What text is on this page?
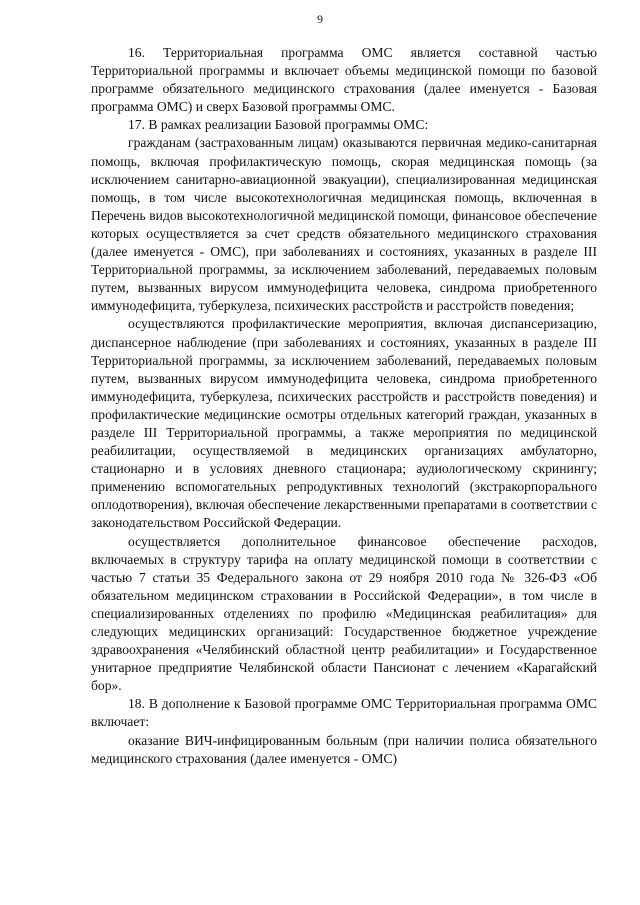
9

16. Территориальная программа ОМС является составной частью Территориальной программы и включает объемы медицинской помощи по базовой программе обязательного медицинского страхования (далее именуется - Базовая программа ОМС) и сверх Базовой программы ОМС.

17. В рамках реализации Базовой программы ОМС:

гражданам (застрахованным лицам) оказываются первичная медико-санитарная помощь, включая профилактическую помощь, скорая медицинская помощь (за исключением санитарно-авиационной эвакуации), специализированная медицинская помощь, в том числе высокотехнологичная медицинская помощь, включенная в Перечень видов высокотехнологичной медицинской помощи, финансовое обеспечение которых осуществляется за счет средств обязательного медицинского страхования (далее именуется - ОМС), при заболеваниях и состояниях, указанных в разделе III Территориальной программы, за исключением заболеваний, передаваемых половым путем, вызванных вирусом иммунодефицита человека, синдрома приобретенного иммунодефицита, туберкулеза, психических расстройств и расстройств поведения;

осуществляются профилактические мероприятия, включая диспансеризацию, диспансерное наблюдение (при заболеваниях и состояниях, указанных в разделе III Территориальной программы, за исключением заболеваний, передаваемых половым путем, вызванных вирусом иммунодефицита человека, синдрома приобретенного иммунодефицита, туберкулеза, психических расстройств и расстройств поведения) и профилактические медицинские осмотры отдельных категорий граждан, указанных в разделе III Территориальной программы, а также мероприятия по медицинской реабилитации, осуществляемой в медицинских организациях амбулаторно, стационарно и в условиях дневного стационара; аудиологическому скринингу; применению вспомогательных репродуктивных технологий (экстракорпорального оплодотворения), включая обеспечение лекарственными препаратами в соответствии с законодательством Российской Федерации.

осуществляется дополнительное финансовое обеспечение расходов, включаемых в структуру тарифа на оплату медицинской помощи в соответствии с частью 7 статьи 35 Федерального закона от 29 ноября 2010 года № 326-ФЗ «Об обязательном медицинском страховании в Российской Федерации», в том числе в специализированных отделениях по профилю «Медицинская реабилитация» для следующих медицинских организаций: Государственное бюджетное учреждение здравоохранения «Челябинский областной центр реабилитации» и Государственное унитарное предприятие Челябинской области Пансионат с лечением «Карагайский бор».

18. В дополнение к Базовой программе ОМС Территориальная программа ОМС включает:

оказание ВИЧ-инфицированным больным (при наличии полиса обязательного медицинского страхования (далее именуется - ОМС)
